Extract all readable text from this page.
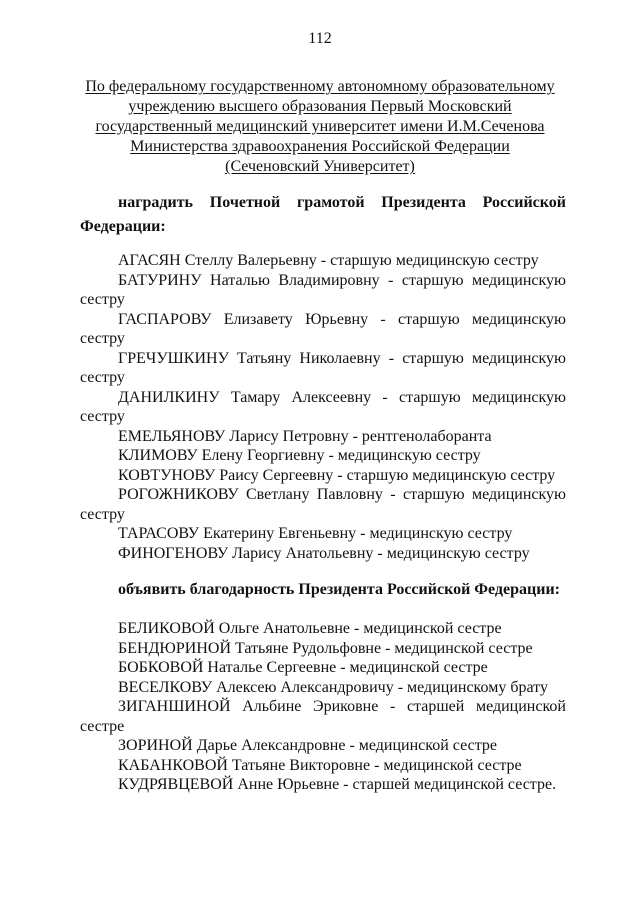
112
По федеральному государственному автономному образовательному
учреждению высшего образования Первый Московский
государственный медицинский университет имени И.М.Сеченова
Министерства здравоохранения Российской Федерации
(Сеченовский Университет)
наградить Почетной грамотой Президента Российской
Федерации:
АГАСЯН Стеллу Валерьевну - старшую медицинскую сестру
БАТУРИНУ Наталью Владимировну - старшую медицинскую
сестру
ГАСПАРОВУ Елизавету Юрьевну - старшую медицинскую
сестру
ГРЕЧУШКИНУ Татьяну Николаевну - старшую медицинскую
сестру
ДАНИЛКИНУ Тамару Алексеевну - старшую медицинскую
сестру
ЕМЕЛЬЯНОВУ Ларису Петровну - рентгенолаборанта
КЛИМОВУ Елену Георгиевну - медицинскую сестру
КОВТУНОВУ Раису Сергеевну - старшую медицинскую сестру
РОГОЖНИКОВУ Светлану Павловну - старшую медицинскую
сестру
ТАРАСОВУ Екатерину Евгеньевну - медицинскую сестру
ФИНОГЕНОВУ Ларису Анатольевну - медицинскую сестру
объявить благодарность Президента Российской Федерации:
БЕЛИКОВОЙ Ольге Анатольевне - медицинской сестре
БЕНДЮРИНОЙ Татьяне Рудольфовне - медицинской сестре
БОБКОВОЙ Наталье Сергеевне - медицинской сестре
ВЕСЕЛКОВУ Алексею Александровичу - медицинскому брату
ЗИГАНШИНОЙ Альбине Эриковне - старшей медицинской
сестре
ЗОРИНОЙ Дарье Александровне - медицинской сестре
КАБАНКОВОЙ Татьяне Викторовне - медицинской сестре
КУДРЯВЦЕВОЙ Анне Юрьевне - старшей медицинской сестре.
